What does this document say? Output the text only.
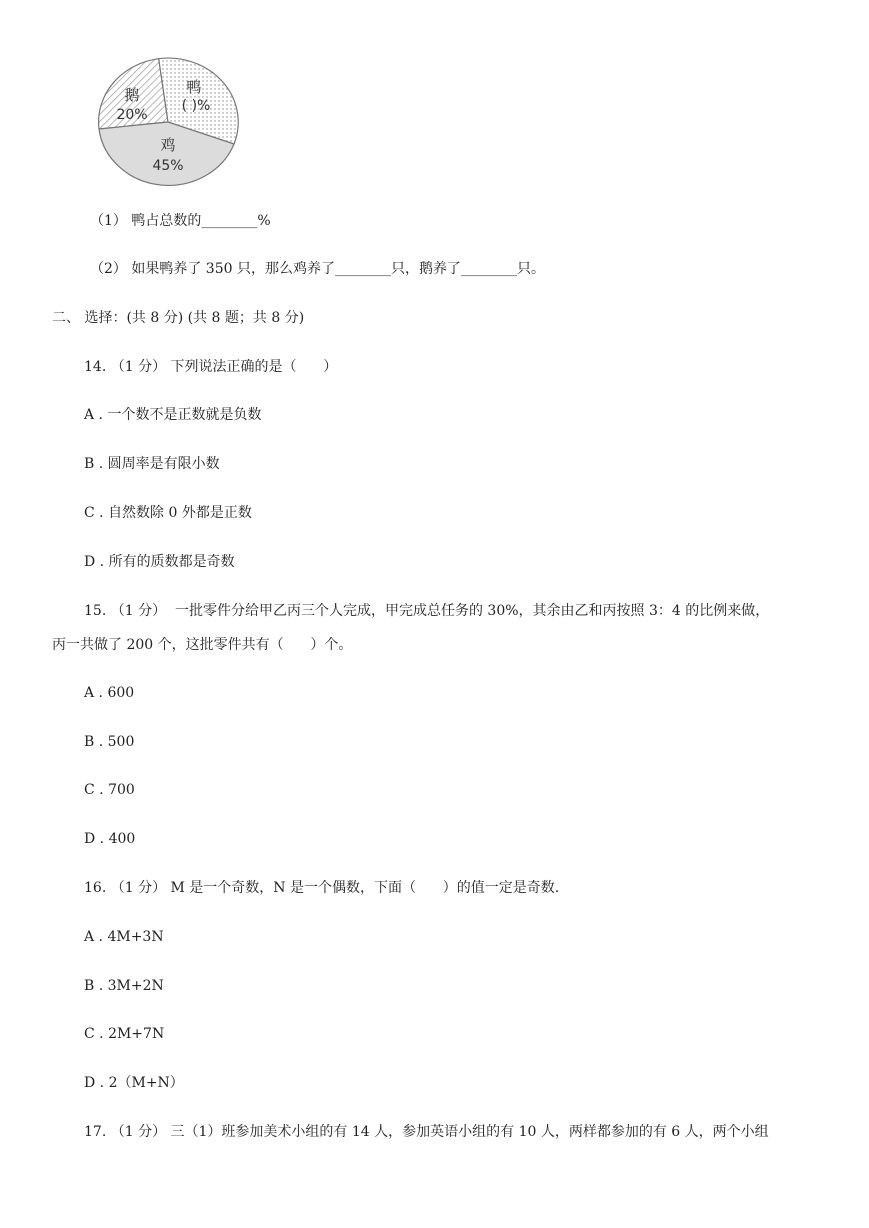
鹅
20%
鸭
( )%
鸡
45%
（1） 鸭占总数的________%
（2） 如果鸭养了 350 只，那么鸡养了________只，鹅养了________只。
二、 选择：(共 8 分) (共 8 题；共 8 分)
14. （1 分） 下列说法正确的是（      ）
A . 一个数不是正数就是负数
B . 圆周率是有限小数
C . 自然数除 0 外都是正数
D . 所有的质数都是奇数
15. （1 分）  一批零件分给甲乙丙三个人完成，甲完成总任务的 30%，其余由乙和丙按照 3：4 的比例来做，
丙一共做了 200 个，这批零件共有（      ）个。
A . 600
B . 500
C . 700
D . 400
16. （1 分） M 是一个奇数，N 是一个偶数，下面（      ）的值一定是奇数.
A . 4M+3N
B . 3M+2N
C . 2M+7N
D . 2（M+N）
17. （1 分） 三（1）班参加美术小组的有 14 人，参加英语小组的有 10 人，两样都参加的有 6 人，两个小组
